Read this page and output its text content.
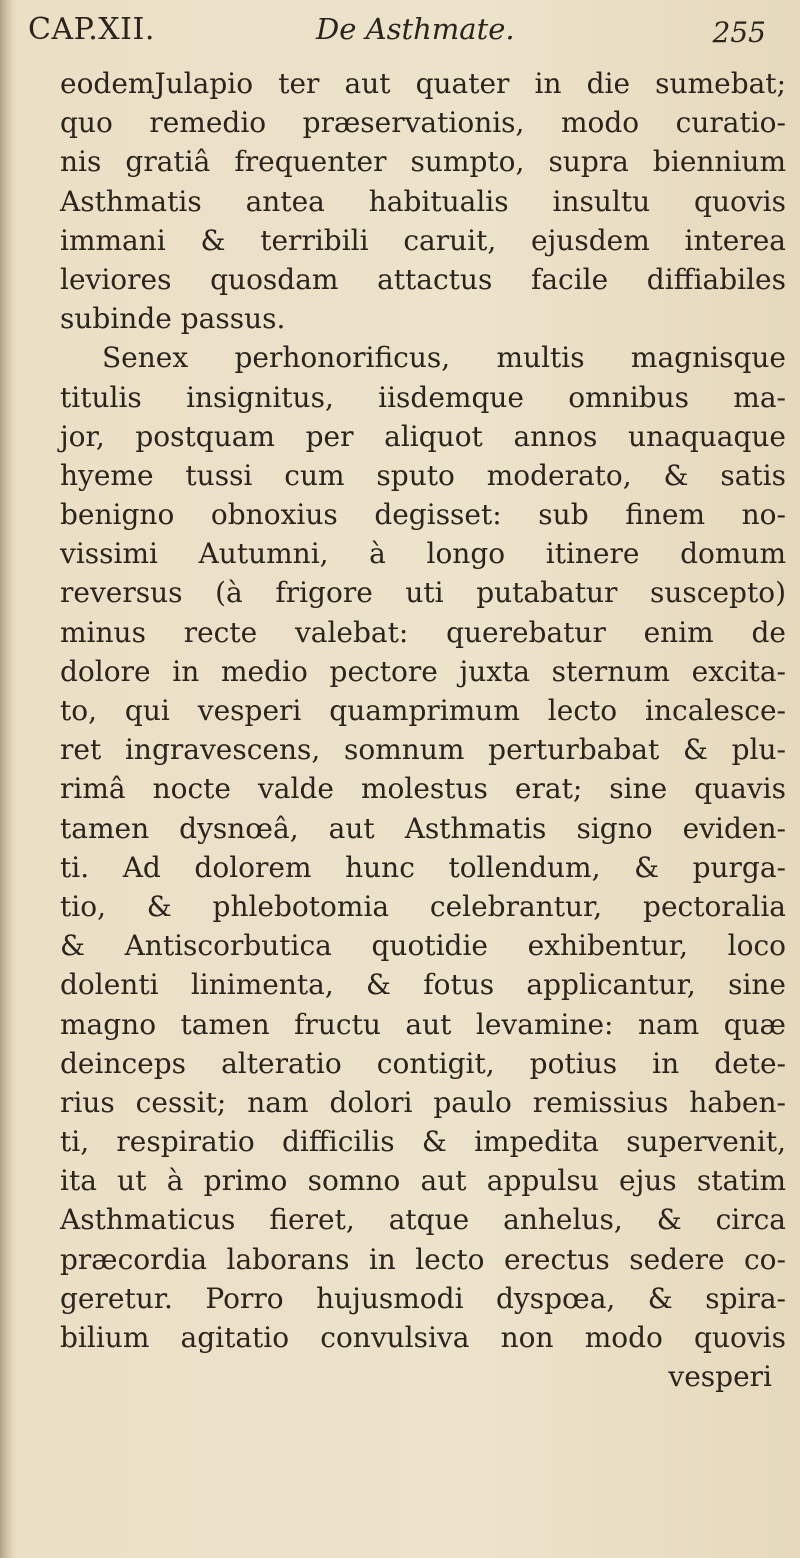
CAP.XII.	De Asthmate.	255
eodemJulapio ter aut quater in die sumebat;
quo remedio præservationis, modo curatio-
nis gratiâ frequenter sumpto, supra biennium
Asthmatis antea habitualis insultu quovis
immani & terribili caruit, ejusdem interea
leviores quosdam attactus facile diffiabiles
subinde passus.
Senex perhonorificus, multis magnisque
titulis insignitus, iisdemque omnibus ma-
jor, postquam per aliquot annos unaquaque
hyeme tussi cum sputo moderato, & satis
benigno obnoxius degisset: sub finem no-
vissimi Autumni, à longo itinere domum
reversus (à frigore uti putabatur suscepto)
minus recte valebat: querebatur enim de
dolore in medio pectore juxta sternum excita-
to, qui vesperi quamprimum lecto incalesce-
ret ingravescens, somnum perturbabat & plu-
rimâ nocte valde molestus erat; sine quavis
tamen dysnœâ, aut Asthmatis signo eviden-
ti. Ad dolorem hunc tollendum, & purga-
tio, & phlebotomia celebrantur, pectoralia
& Antiscorbutica quotidie exhibentur, loco
dolenti linimenta, & fotus applicantur, sine
magno tamen fructu aut levamine: nam quæ
deinceps alteratio contigit, potius in dete-
rius cessit; nam dolori paulo remissius haben-
ti, respiratio difficilis & impedita supervenit,
ita ut à primo somno aut appulsu ejus statim
Asthmaticus fieret, atque anhelus, & circa
præcordia laborans in lecto erectus sedere co-
geretur. Porro hujusmodi dyspœa, & spira-
bilium agitatio convulsiva non modo quovis
vesperi
